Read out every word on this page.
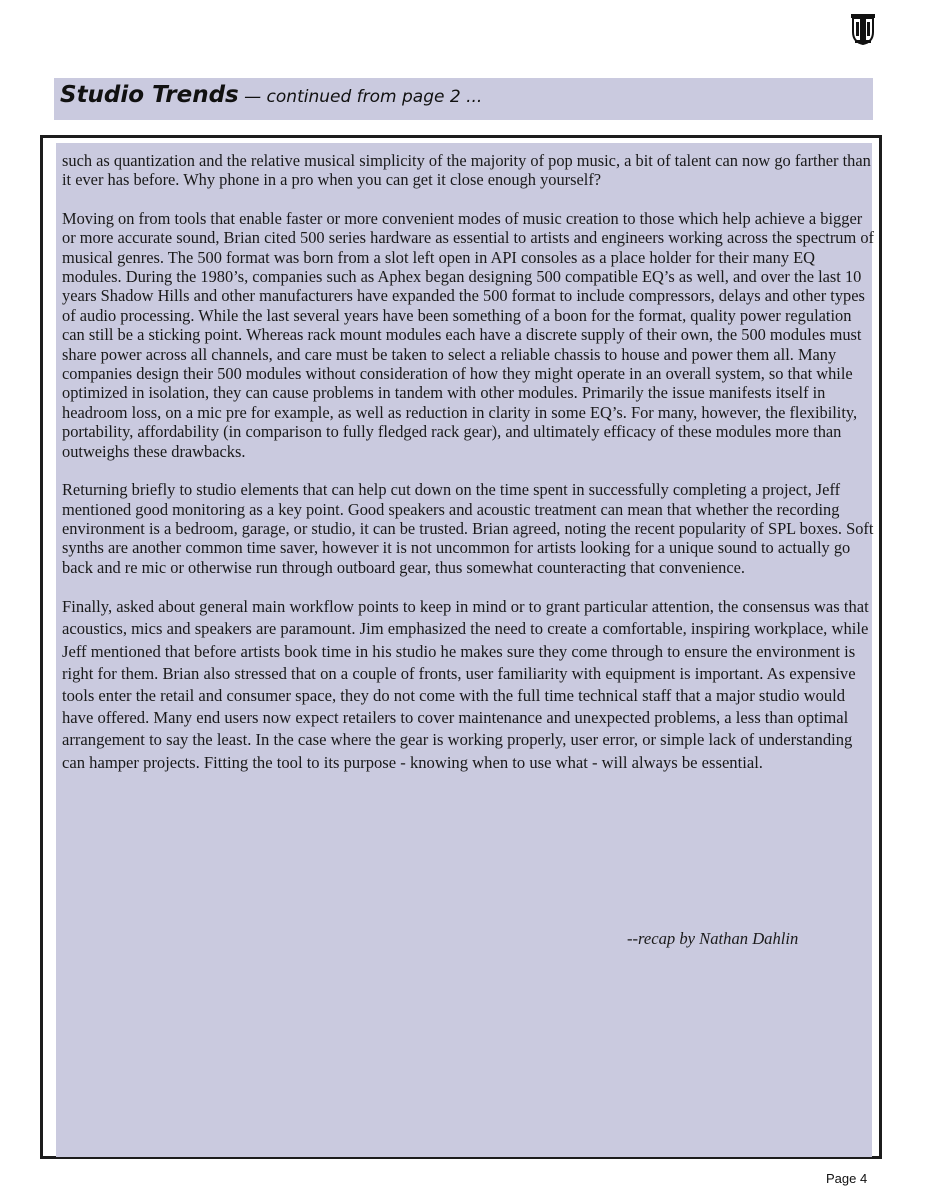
Studio Trends — continued from page 2 ...

such as quantization and the relative musical simplicity of the majority of pop music, a bit of talent can now go farther than it ever has before. Why phone in a pro when you can get it close enough yourself?

Moving on from tools that enable faster or more convenient modes of music creation to those which help achieve a bigger or more accurate sound, Brian cited 500 series hardware as essential to artists and engineers working across the spectrum of musical genres. The 500 format was born from a slot left open in API consoles as a place holder for their many EQ modules. During the 1980’s, companies such as Aphex began designing 500 compatible EQ’s as well, and over the last 10 years Shadow Hills and other manufacturers have expanded the 500 format to include compressors, delays and other types of audio processing. While the last several years have been something of a boon for the format, quality power regulation can still be a sticking point. Whereas rack mount modules each have a discrete supply of their own, the 500 modules must share power across all channels, and care must be taken to select a reliable chassis to house and power them all. Many companies design their 500 modules without consideration of how they might operate in an overall system, so that while optimized in isolation, they can cause problems in tandem with other modules. Primarily the issue manifests itself in headroom loss, on a mic pre for example, as well as reduction in clarity in some EQ’s. For many, however, the flexibility, portability, affordability (in comparison to fully fledged rack gear), and ultimately efficacy of these modules more than outweighs these drawbacks.

Returning briefly to studio elements that can help cut down on the time spent in successfully completing a project, Jeff mentioned good monitoring as a key point. Good speakers and acoustic treatment can mean that whether the recording environment is a bedroom, garage, or studio, it can be trusted. Brian agreed, noting the recent popularity of SPL boxes. Soft synths are another common time saver, however it is not uncommon for artists looking for a unique sound to actually go back and re mic or otherwise run through outboard gear, thus somewhat counteracting that convenience.

Finally, asked about general main workflow points to keep in mind or to grant particular attention, the consensus was that acoustics, mics and speakers are paramount. Jim emphasized the need to create a comfortable, inspiring workplace, while Jeff mentioned that before artists book time in his studio he makes sure they come through to ensure the environment is right for them. Brian also stressed that on a couple of fronts, user familiarity with equipment is important. As expensive tools enter the retail and consumer space, they do not come with the full time technical staff that a major studio would have offered. Many end users now expect retailers to cover maintenance and unexpected problems, a less than optimal arrangement to say the least. In the case where the gear is working properly, user error, or simple lack of understanding can hamper projects. Fitting the tool to its purpose - knowing when to use what - will always be essential.

--recap by Nathan Dahlin
Page 4
